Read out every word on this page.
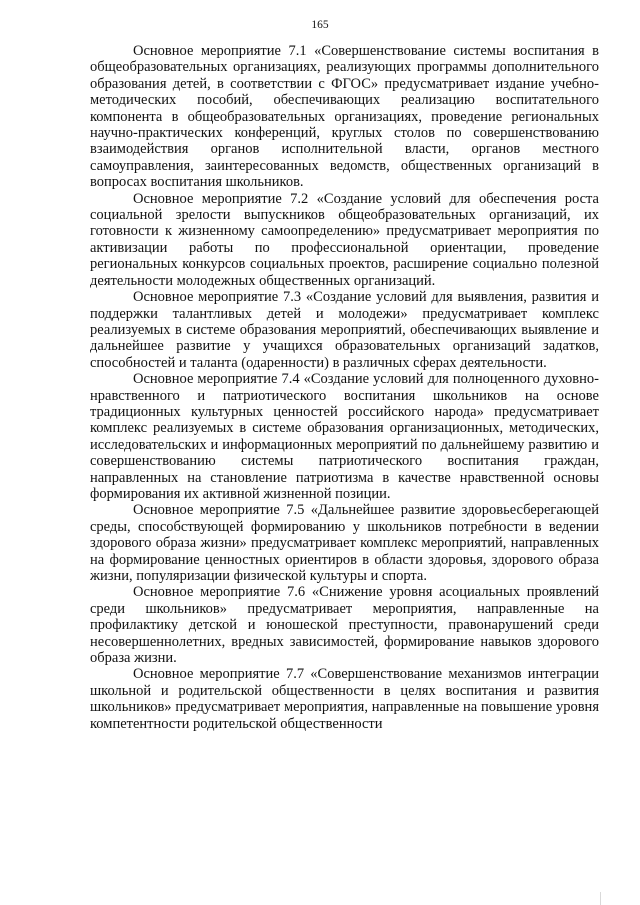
165

Основное мероприятие 7.1 «Совершенствование системы воспитания в общеобразовательных организациях, реализующих программы дополнительного образования детей, в соответствии с ФГОС» предусматривает издание учебно-методических пособий, обеспечивающих реализацию воспитательного компонента в общеобразовательных организациях, проведение региональных научно-практических конференций, круглых столов по совершенствованию взаимодействия органов исполнительной власти, органов местного самоуправления, заинтересованных ведомств, общественных организаций в вопросах воспитания школьников.

Основное мероприятие 7.2 «Создание условий для обеспечения роста социальной зрелости выпускников общеобразовательных организаций, их готовности к жизненному самоопределению» предусматривает мероприятия по активизации работы по профессиональной ориентации, проведение региональных конкурсов социальных проектов, расширение социально полезной деятельности молодежных общественных организаций.

Основное мероприятие 7.3 «Создание условий для выявления, развития и поддержки талантливых детей и молодежи» предусматривает комплекс реализуемых в системе образования мероприятий, обеспечивающих выявление и дальнейшее развитие у учащихся образовательных организаций задатков, способностей и таланта (одаренности) в различных сферах деятельности.

Основное мероприятие 7.4 «Создание условий для полноценного духовно-нравственного и патриотического воспитания школьников на основе традиционных культурных ценностей российского народа» предусматривает комплекс реализуемых в системе образования организационных, методических, исследовательских и информационных мероприятий по дальнейшему развитию и совершенствованию системы патриотического воспитания граждан, направленных на становление патриотизма в качестве нравственной основы формирования их активной жизненной позиции.

Основное мероприятие 7.5 «Дальнейшее развитие здоровьесберегающей среды, способствующей формированию у школьников потребности в ведении здорового образа жизни» предусматривает комплекс мероприятий, направленных на формирование ценностных ориентиров в области здоровья, здорового образа жизни, популяризации физической культуры и спорта.

Основное мероприятие 7.6 «Снижение уровня асоциальных проявлений среди школьников» предусматривает мероприятия, направленные на профилактику детской и юношеской преступности, правонарушений среди несовершеннолетних, вредных зависимостей, формирование навыков здорового образа жизни.

Основное мероприятие 7.7 «Совершенствование механизмов интеграции школьной и родительской общественности в целях воспитания и развития школьников» предусматривает мероприятия, направленные на повышение уровня компетентности родительской общественности
